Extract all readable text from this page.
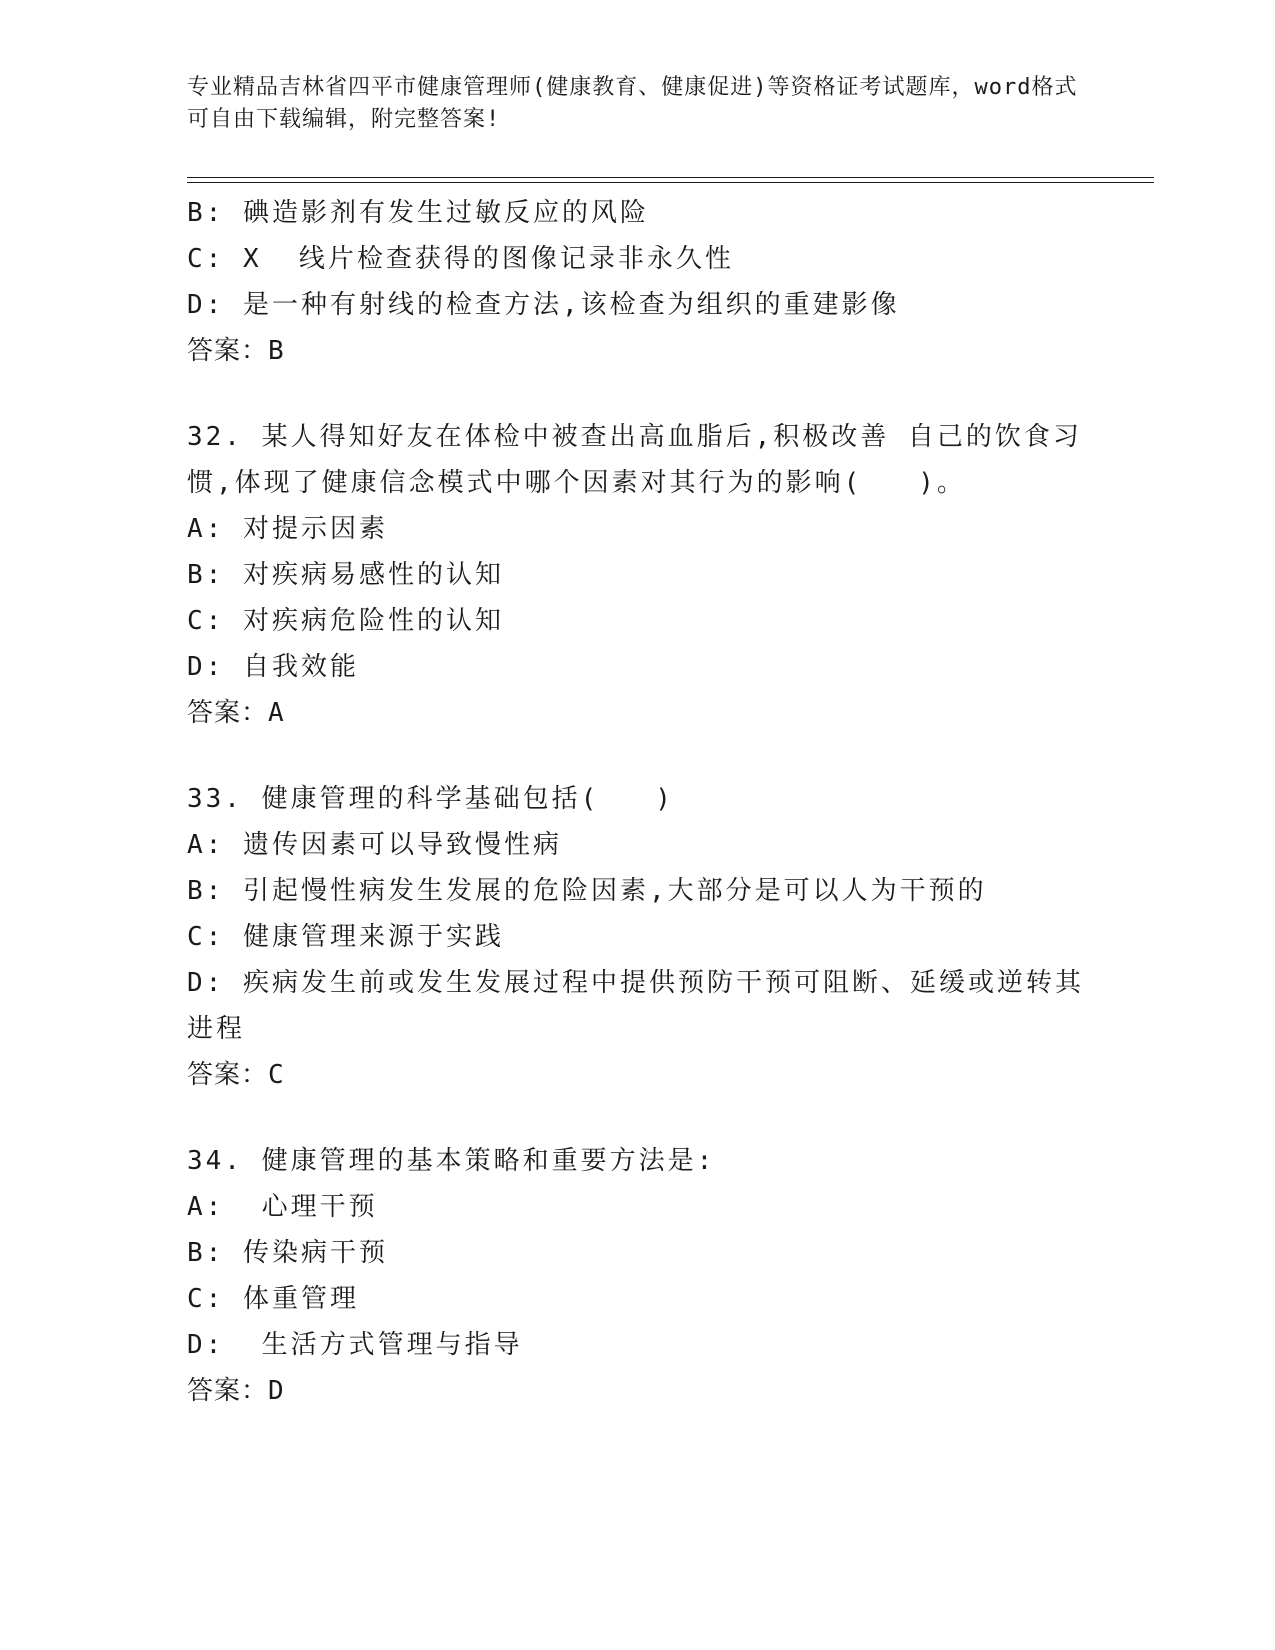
专业精品吉林省四平市健康管理师(健康教育、健康促进)等资格证考试题库，word格式可自由下载编辑，附完整答案!
B: 碘造影剂有发生过敏反应的风险
C: X  线片检查获得的图像记录非永久性
D: 是一种有射线的检查方法,该检查为组织的重建影像
答案：B
32. 某人得知好友在体检中被查出高血脂后,积极改善 自己的饮食习惯,体现了健康信念模式中哪个因素对其行为的影响(   )。
A: 对提示因素
B: 对疾病易感性的认知
C: 对疾病危险性的认知
D: 自我效能
答案：A
33. 健康管理的科学基础包括(   )
A: 遗传因素可以导致慢性病
B: 引起慢性病发生发展的危险因素,大部分是可以人为干预的
C: 健康管理来源于实践
D: 疾病发生前或发生发展过程中提供预防干预可阻断、延缓或逆转其进程
答案：C
34. 健康管理的基本策略和重要方法是:
A:  心理干预
B: 传染病干预
C: 体重管理
D:  生活方式管理与指导
答案：D
